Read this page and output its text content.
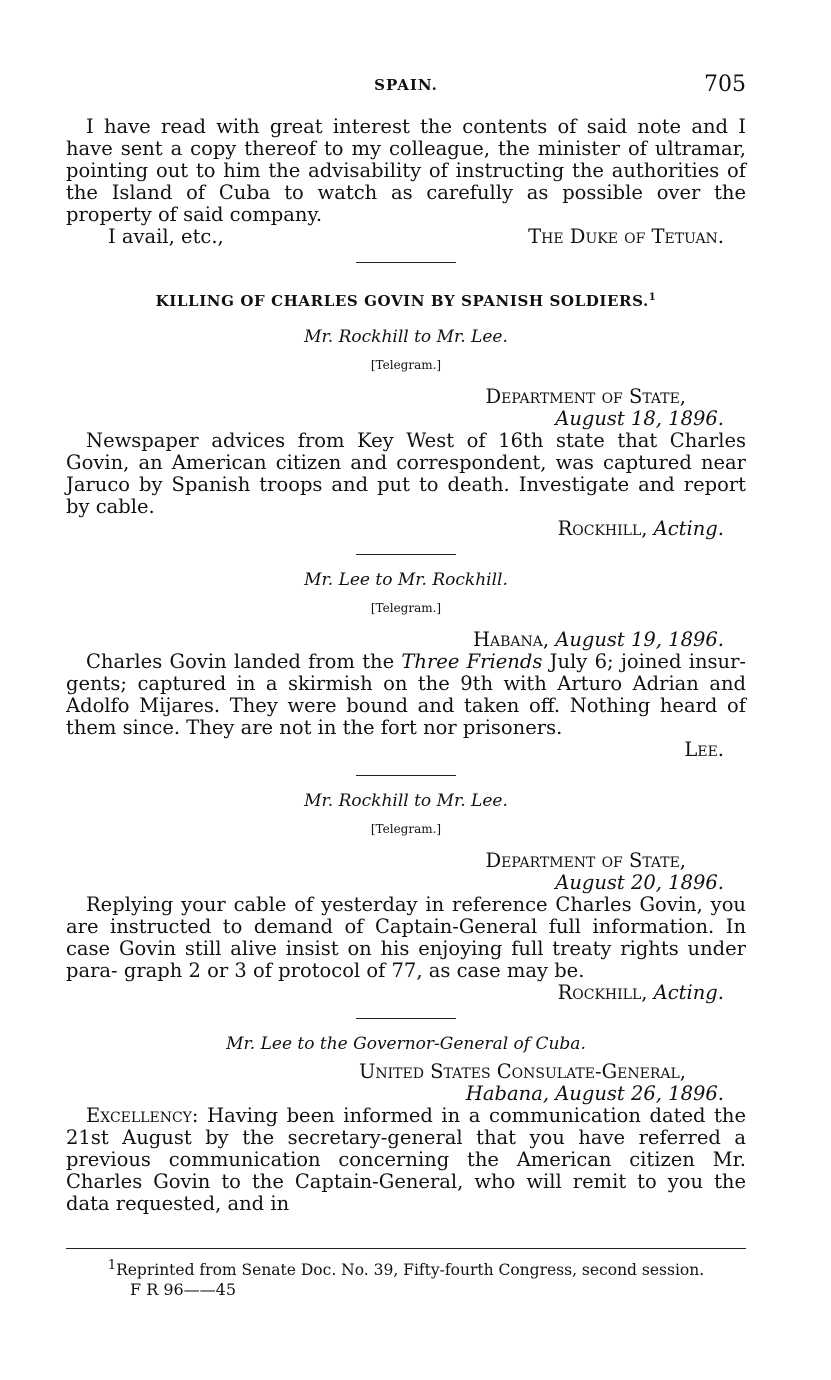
SPAIN.	705

I have read with great interest the contents of said note and I have sent a copy thereof to my colleague, the minister of ultramar, pointing out to him the advisability of instructing the authorities of the Island of Cuba to watch as carefully as possible over the property of said company.

I avail, etc.,	The Duke of Tetuan.
KILLING OF CHARLES GOVIN BY SPANISH SOLDIERS.$^1$
Mr. Rockhill to Mr. Lee.
[Telegram.]
Department of State,
August 18, 1896.

Newspaper advices from Key West of 16th state that Charles Govin, an American citizen and correspondent, was captured near Jaruco by Spanish troops and put to death. Investigate and report by cable.

Rockhill, Acting.
Mr. Lee to Mr. Rockhill.
[Telegram.]
Habana, August 19, 1896.

Charles Govin landed from the Three Friends July 6; joined insur- gents; captured in a skirmish on the 9th with Arturo Adrian and Adolfo Mijares. They were bound and taken off. Nothing heard of them since. They are not in the fort nor prisoners.

Lee.
Mr. Rockhill to Mr. Lee.
[Telegram.]
Department of State,
August 20, 1896.

Replying your cable of yesterday in reference Charles Govin, you are instructed to demand of Captain-General full information. In case Govin still alive insist on his enjoying full treaty rights under para- graph 2 or 3 of protocol of 77, as case may be.

Rockhill, Acting.
Mr. Lee to the Governor-General of Cuba.
United States Consulate-General,
Habana, August 26, 1896.

Excellency: Having been informed in a communication dated the 21st August by the secretary-general that you have referred a previous communication concerning the American citizen Mr. Charles Govin to the Captain-General, who will remit to you the data requested, and in

$^1$Reprinted from Senate Doc. No. 39, Fifty-fourth Congress, second session.
F R 96——45
